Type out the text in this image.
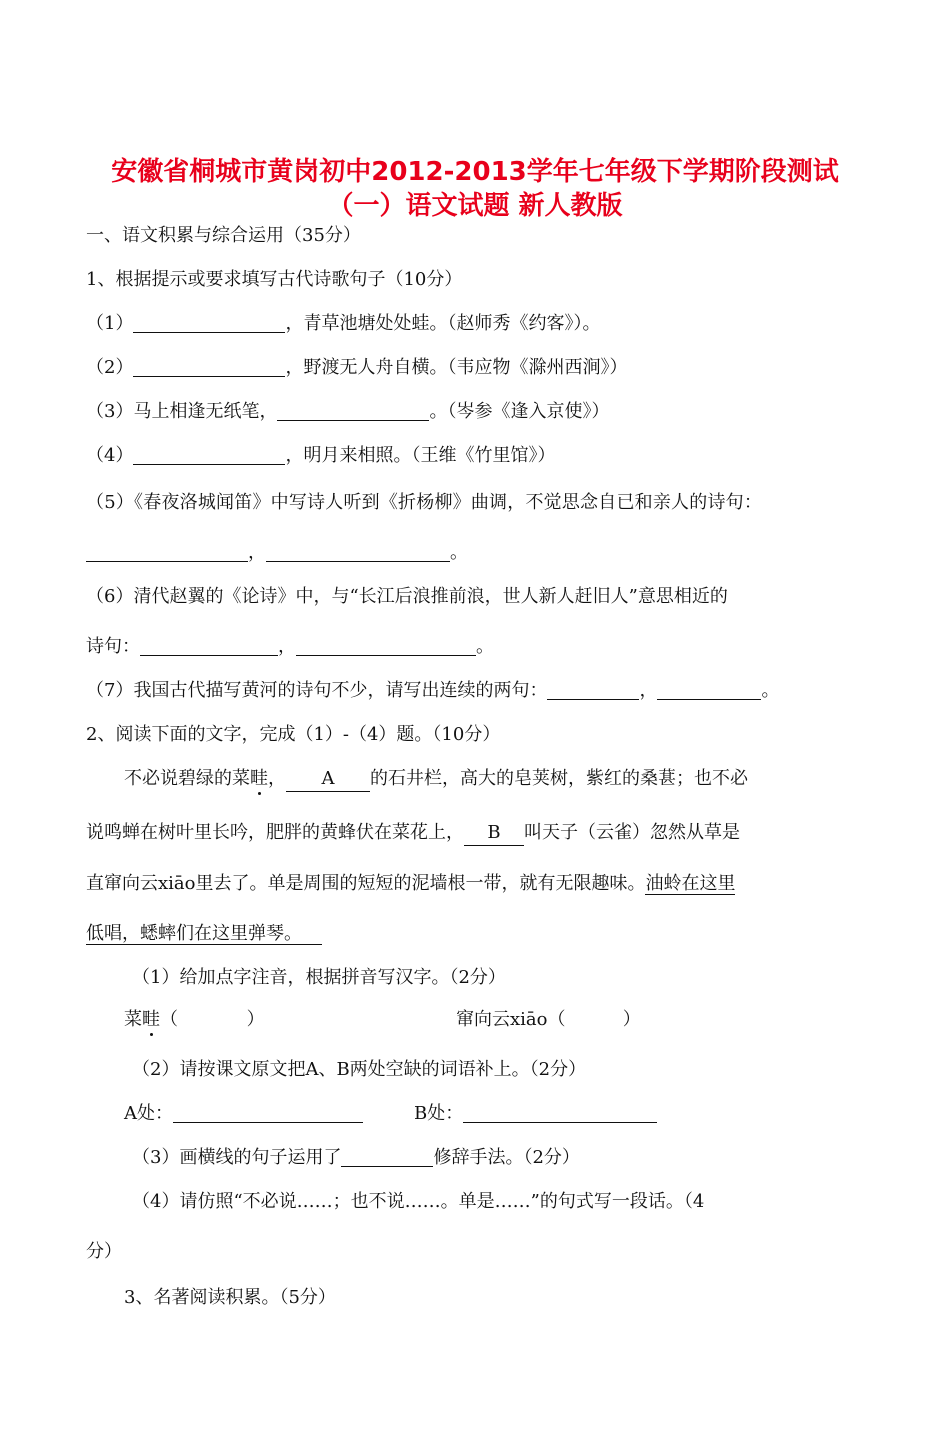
安徽省桐城市黄岗初中2012-2013学年七年级下学期阶段测试
（一）语文试题 新人教版
一、语文积累与综合运用（35分）
1、根据提示或要求填写古代诗歌句子（10分）
（1）	，青草池塘处处蛙。（赵师秀《约客》）。
（2）	，野渡无人舟自横。（韦应物《滁州西涧》）
（3）马上相逢无纸笔，	。（岑参《逢入京使》）
（4）	，明月来相照。（王维《竹里馆》）
（5）《春夜洛城闻笛》中写诗人听到《折杨柳》曲调，不觉思念自已和亲人的诗句：
，	。
（6）清代赵翼的《论诗》中，与“长江后浪推前浪，世人新人赶旧人”意思相近的
诗句：	，	。
（7）我国古代描写黄河的诗句不少，请写出连续的两句：	，	。
2、阅读下面的文字，完成（1）-（4）题。（10分）
不必说碧绿的菜畦， A 的石井栏，高大的皂荚树，紫红的桑葚；也不必
说鸣蝉在树叶里长吟，肥胖的黄蜂伏在菜花上， B 叫天子（云雀）忽然从草是
直窜向云xiāo里去了。单是周围的短短的泥墙根一带，就有无限趣味。油蛉在这里
低唱，蟋蟀们在这里弹琴。
（1）给加点字注音，根据拼音写汉字。（2分）
菜畦（            ）	窜向云xiāo（          ）
（2）请按课文原文把A、B两处空缺的词语补上。（2分）
A处：	B处：
（3）画横线的句子运用了	修辞手法。（2分）
（4）请仿照“不必说……；也不说……。单是……”的句式写一段话。（4
分）
3、名著阅读积累。（5分）
